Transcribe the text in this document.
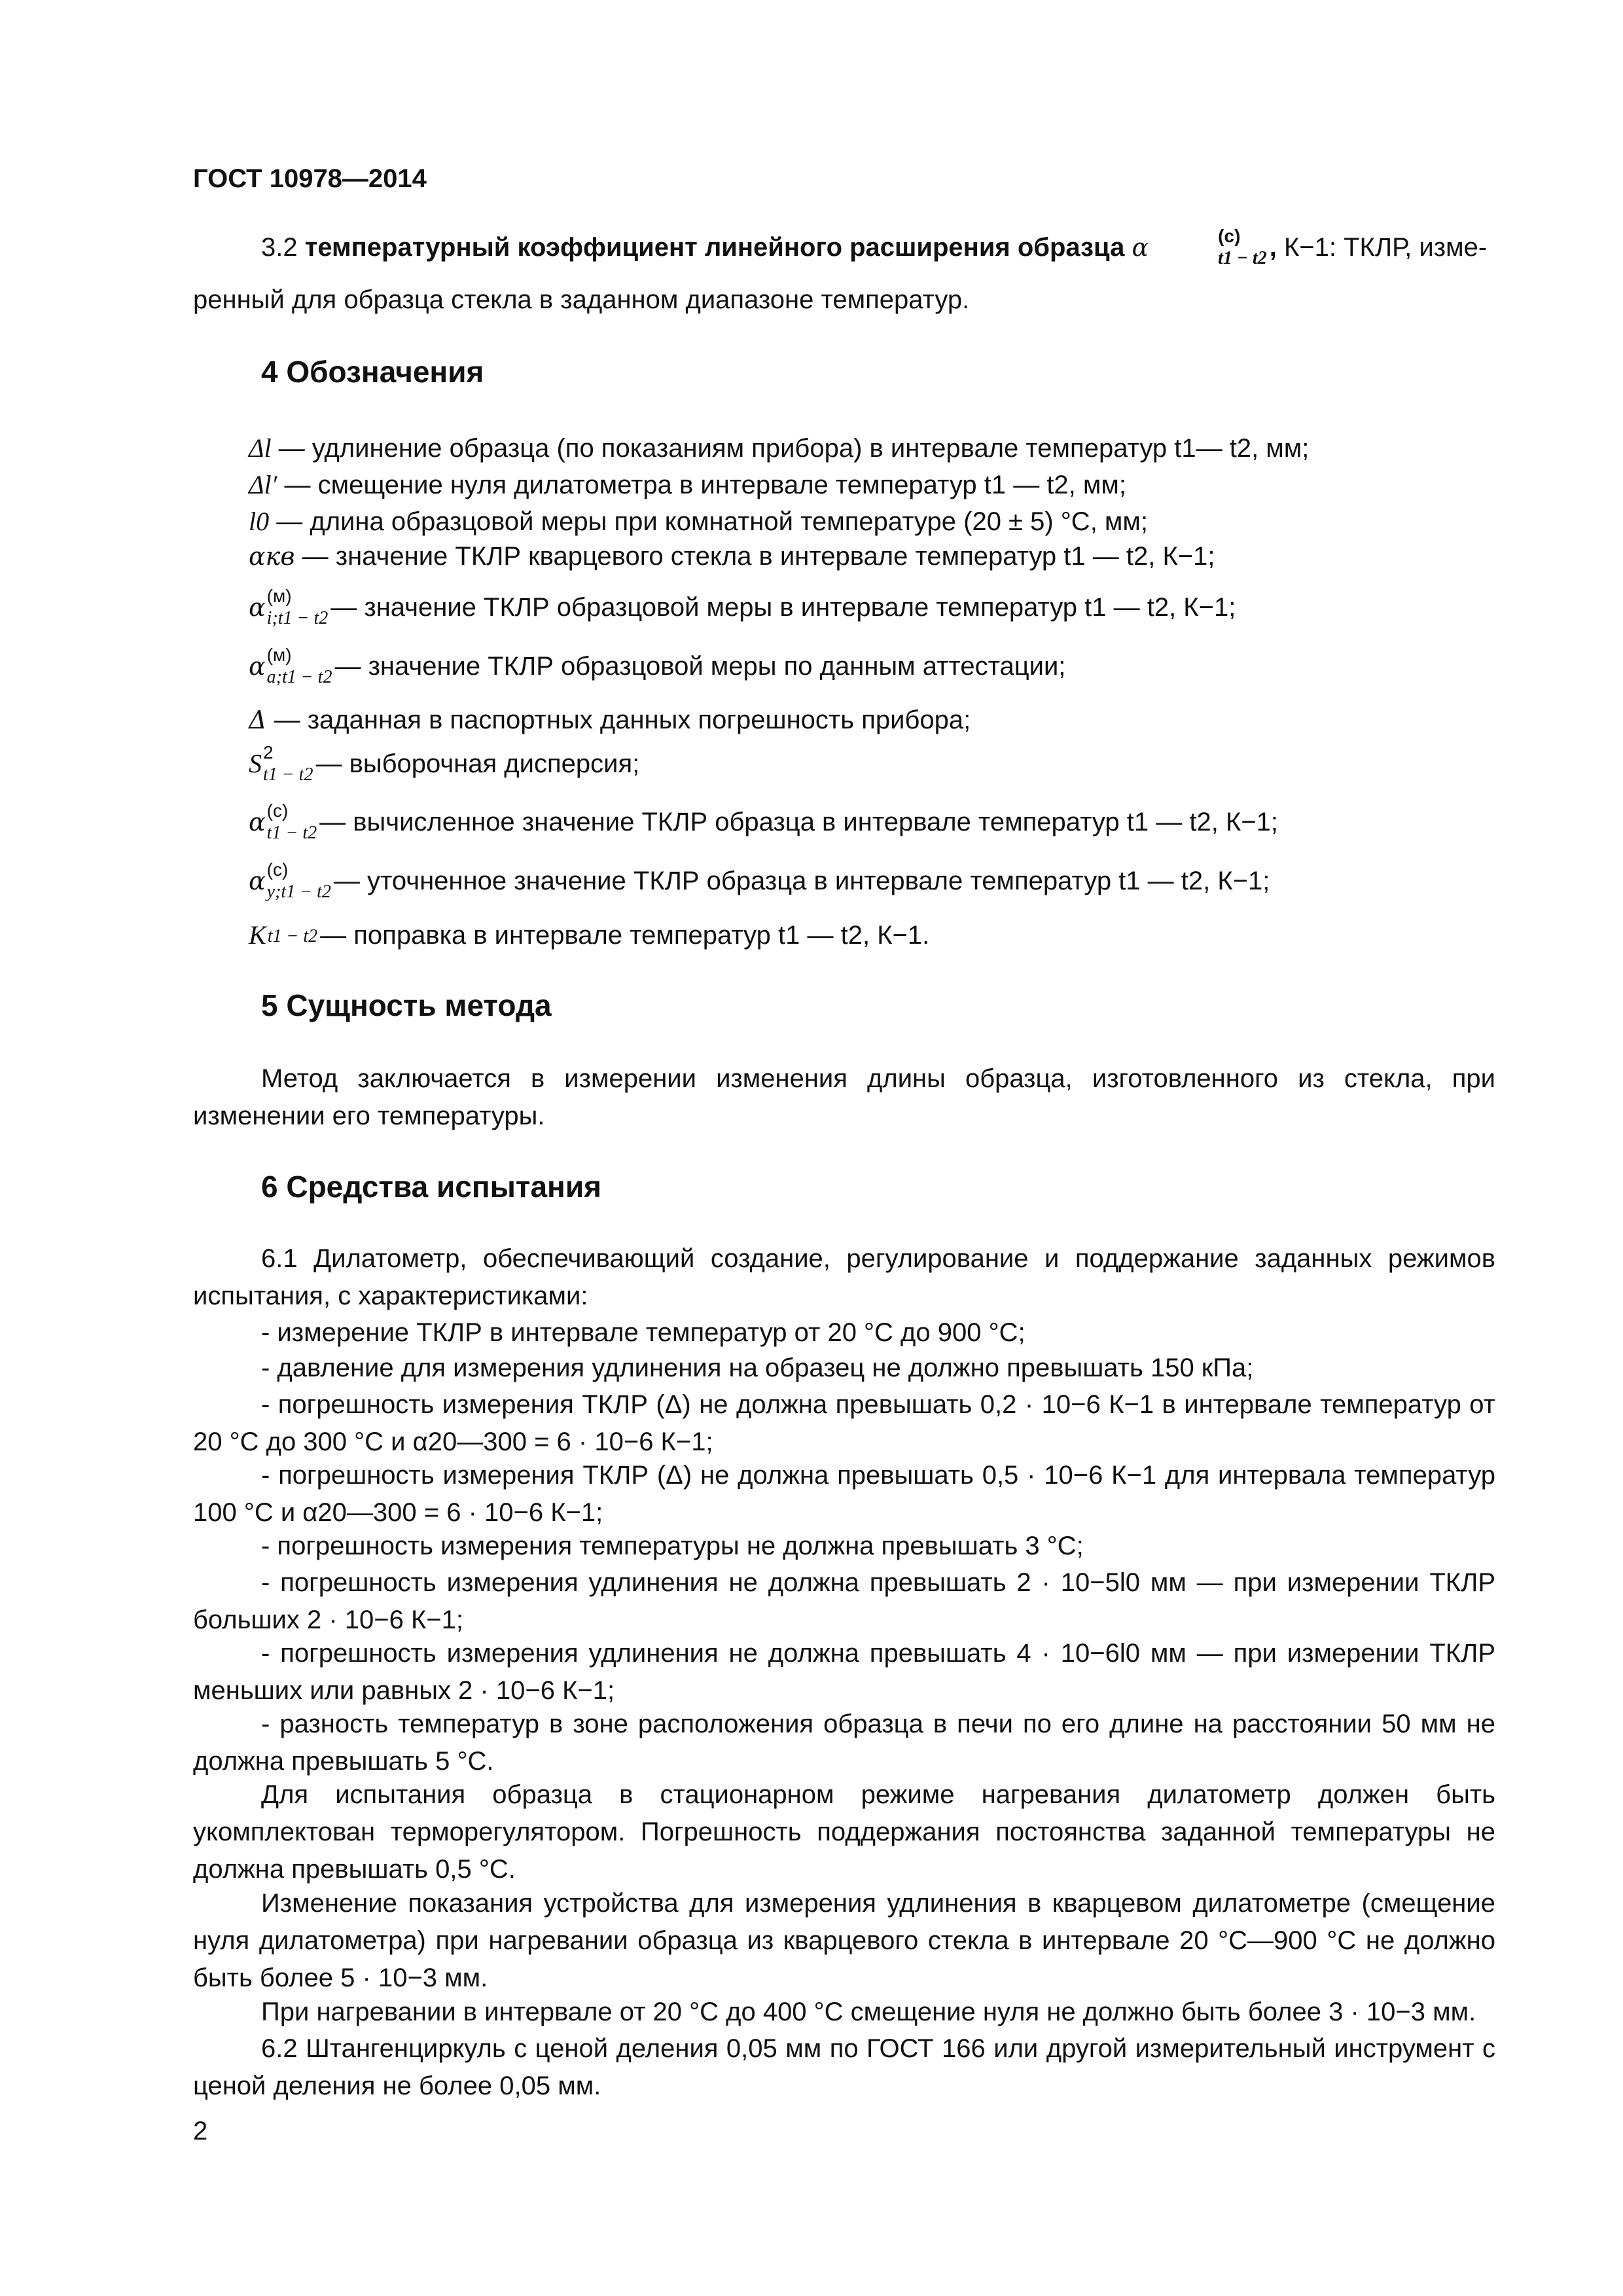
ГОСТ 10978—2014
3.2 температурный коэффициент линейного расширения образца α	(c)
t1 − t2 , К−1: ТКЛР, изме-
ренный для образца стекла в заданном диапазоне температур.
4 Обозначения
Δl — удлинение образца (по показаниям прибора) в интервале температур t1— t2, мм;
Δl′ — смещение нуля дилатометра в интервале температур t1 — t2, мм;
l0 — длина образцовой меры при комнатной температуре (20 ± 5) °С, мм;
αкв — значение ТКЛР кварцевого стекла в интервале температур t1 — t2, К−1;
α (м)
i;t1 − t2 — значение ТКЛР образцовой меры в интервале температур t1 — t2, К−1;
α (м)
a;t1 − t2 — значение ТКЛР образцовой меры по данным аттестации;
Δ — заданная в паспортных данных погрешность прибора;
S 2
t1 − t2 — выборочная дисперсия;
α (c)
t1 − t2 — вычисленное значение ТКЛР образца в интервале температур t1 — t2, К−1;
α (c)
y;t1 − t2 — уточненное значение ТКЛР образца в интервале температур t1 — t2, К−1;
K t1 − t2 — поправка в интервале температур t1 — t2, К−1.
5 Сущность метода
Метод заключается в измерении изменения длины образца, изготовленного из стекла, при изменении его температуры.
6 Средства испытания
6.1 Дилатометр, обеспечивающий создание, регулирование и поддержание заданных режимов испытания, с характеристиками:
- измерение ТКЛР в интервале температур от 20 °С до 900 °С;
- давление для измерения удлинения на образец не должно превышать 150 кПа;
- погрешность измерения ТКЛР (Δ) не должна превышать 0,2 · 10−6 К−1 в интервале температур от 20 °С до 300 °С и α20—300 = 6 · 10−6 К−1;
- погрешность измерения ТКЛР (Δ) не должна превышать 0,5 · 10−6 К−1 для интервала температур 100 °С и α20—300 = 6 · 10−6 К−1;
- погрешность измерения температуры не должна превышать 3 °С;
- погрешность измерения удлинения не должна превышать 2 · 10−5l0 мм — при измерении ТКЛР больших 2 · 10−6 К−1;
- погрешность измерения удлинения не должна превышать 4 · 10−6l0 мм — при измерении ТКЛР меньших или равных 2 · 10−6 К−1;
- разность температур в зоне расположения образца в печи по его длине на расстоянии 50 мм не должна превышать 5 °С.
Для испытания образца в стационарном режиме нагревания дилатометр должен быть укомплектован терморегулятором. Погрешность поддержания постоянства заданной температуры не должна превышать 0,5 °С.
Изменение показания устройства для измерения удлинения в кварцевом дилатометре (смещение нуля дилатометра) при нагревании образца из кварцевого стекла в интервале 20 °С—900 °С не должно быть более 5 · 10−3 мм.
При нагревании в интервале от 20 °С до 400 °С смещение нуля не должно быть более 3 · 10−3 мм.
6.2 Штангенциркуль с ценой деления 0,05 мм по ГОСТ 166 или другой измерительный инструмент с ценой деления не более 0,05 мм.
2
